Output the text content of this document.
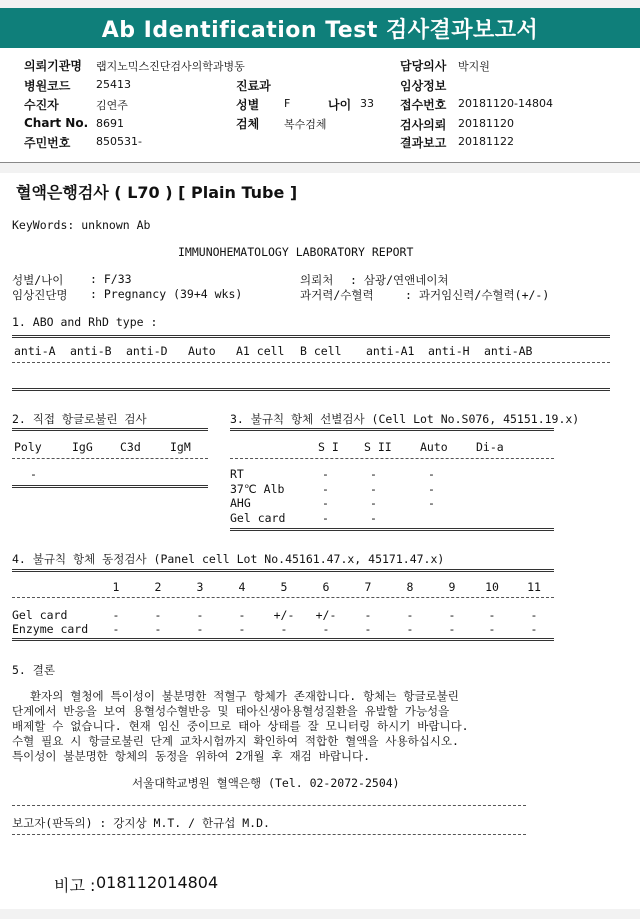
Ab Identification Test 검사결과보고서
의뢰기관명 랩지노믹스진단검사의학과병동	담당의사 박지원
병원코드 25413	진료과	임상정보
수진자	김연주	성별 F	나이 33 접수번호 20181120-14804
Chart No. 8691	검체 복수검체	검사의뢰 20181120
주민번호 850531-	결과보고 20181122
혈액은행검사 ( L70 ) [ Plain Tube ]
KeyWords: unknown Ab
IMMUNOHEMATOLOGY LABORATORY REPORT
성별/나이 : F/33
임상진단명 : Pregnancy (39+4 wks)
의뢰처 : 삼광/연앤네이쳐
과거력/수혈력	: 과거임신력/수혈력(+/-)
1. ABO and RhD type :
anti-A anti-B anti-D Auto A1 cell B cell anti-A1 anti-H anti-AB
2. 직접 항글로불린 검사
Poly	IgG C3d	IgM
-
3. 불규칙 항체 선별검사 (Cell Lot No.S076, 45151.19.x)
S I S II Auto Di-a
RT	-	-	-
37℃ Alb	-	-	-
AHG	-	-	-
Gel card	-	-
4. 불규칙 항체 동정검사 (Panel cell Lot No.45161.47.x, 45171.47.x)
1	2	3	4	5	6	7	8	9	10	11
Gel card	-	-	-	-	+/- +/-	-	-	-	-	-
Enzyme card	-	-	-	-	-	-	-	-	-	-	-
5. 결론
환자의 혈청에 특이성이 불분명한 적혈구 항체가 존재합니다. 항체는 항글로불린
단계에서 반응을 보여 용혈성수혈반응 및 태아신생아용혈성질환을 유발할 가능성을
배제할 수 없습니다. 현재 임신 중이므로 태아 상태를 잘 모니터링 하시기 바랍니다.
수혈 필요 시 항글로불린 단계 교차시험까지 확인하여 적합한 혈액을 사용하십시오.
특이성이 불분명한 항체의 동정을 위하여 2개월 후 재검 바랍니다.
서울대학교병원 혈액은행 (Tel. 02-2072-2504)
보고자(판독의) : 강지상 M.T. / 한규섭 M.D.
비고 : 018112014804
